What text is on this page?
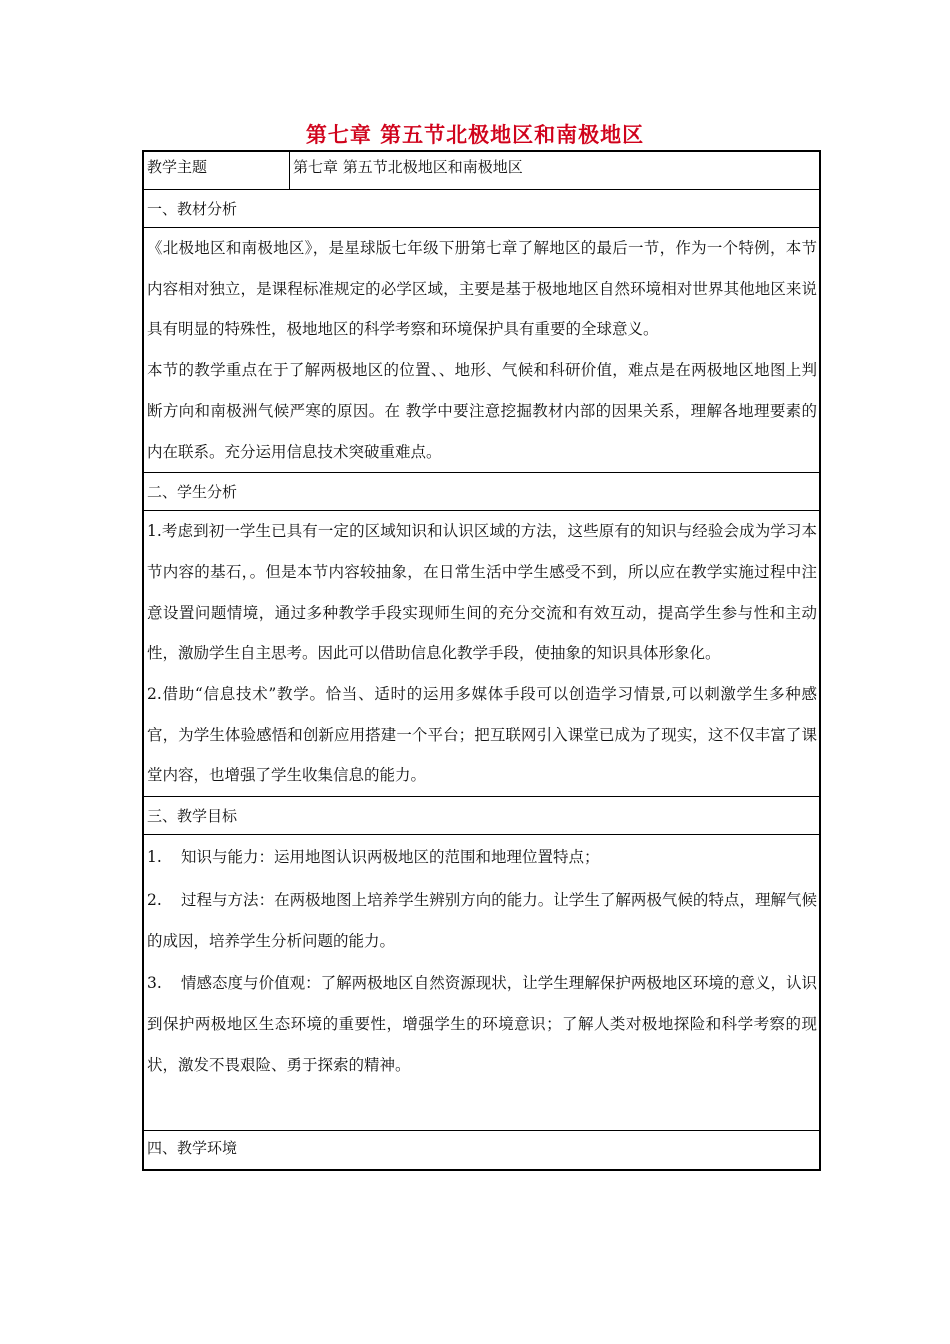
第七章 第五节北极地区和南极地区
教学主题	第七章 第五节北极地区和南极地区
一、教材分析

《北极地区和南极地区》，是星球版七年级下册第七章了解地区的最后一节，作为一个特例，本节内容相对独立，是课程标准规定的必学区域，主要是基于极地地区自然环境相对世界其他地区来说具有明显的特殊性，极地地区的科学考察和环境保护具有重要的全球意义。

本节的教学重点在于了解两极地区的位置、、地形、气候和科研价值，难点是在两极地区地图上判断方向和南极洲气候严寒的原因。在 教学中要注意挖掘教材内部的因果关系，理解各地理要素的内在联系。充分运用信息技术突破重难点。

二、学生分析

1.考虑到初一学生已具有一定的区域知识和认识区域的方法，这些原有的知识与经验会成为学习本节内容的基石，。但是本节内容较抽象，在日常生活中学生感受不到，所以应在教学实施过程中注意设置问题情境，通过多种教学手段实现师生间的充分交流和有效互动，提高学生参与性和主动性，激励学生自主思考。因此可以借助信息化教学手段，使抽象的知识具体形象化。

2.借助“信息技术”教学。恰当、适时的运用多媒体手段可以创造学习情景,可以刺激学生多种感官，为学生体验感悟和创新应用搭建一个平台；把互联网引入课堂已成为了现实，这不仅丰富了课堂内容，也增强了学生收集信息的能力。

三、教学目标
1. 知识与能力：运用地图认识两极地区的范围和地理位置特点；
2. 过程与方法：在两极地图上培养学生辨别方向的能力。让学生了解两极气候的特点，理解气候的成因，培养学生分析问题的能力。
3. 情感态度与价值观：了解两极地区自然资源现状，让学生理解保护两极地区环境的意义，认识到保护两极地区生态环境的重要性，增强学生的环境意识；了解人类对极地探险和科学考察的现状，激发不畏艰险、勇于探索的精神。
四、教学环境
